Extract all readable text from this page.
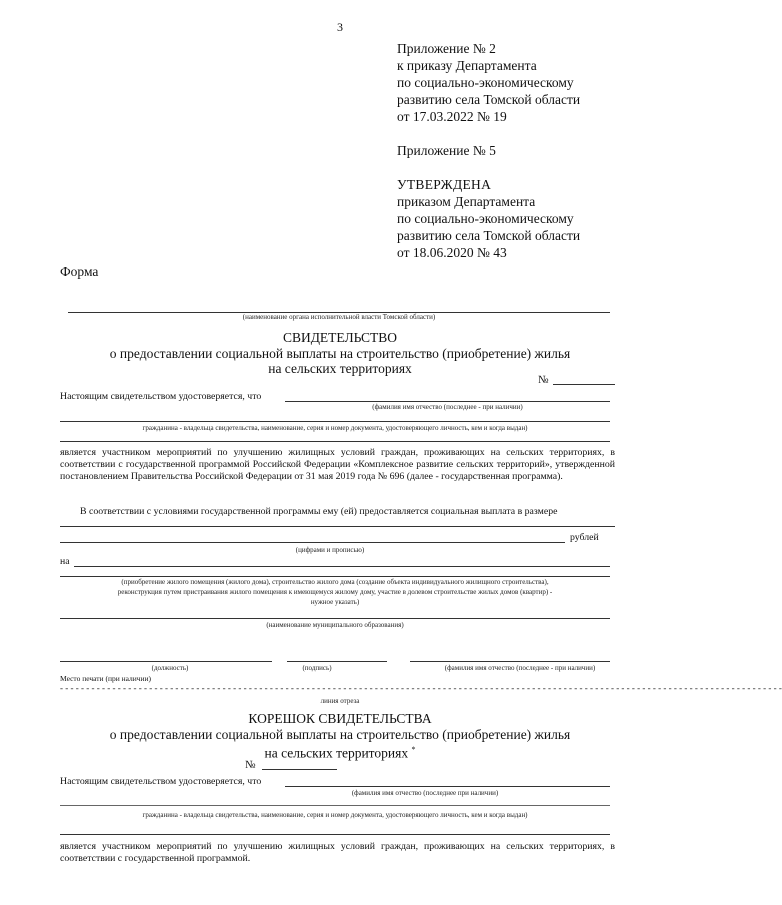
3
Приложение № 2
к приказу Департамента
по социально-экономическому
развитию села Томской области
от 17.03.2022 № 19
Приложение № 5
УТВЕРЖДЕНА
приказом Департамента
по социально-экономическому
развитию села Томской области
от 18.06.2020 № 43
Форма
(наименование органа исполнительной власти Томской области)
СВИДЕТЕЛЬСТВО
о предоставлении социальной выплаты на строительство (приобретение) жилья
на сельских территориях
№
Настоящим свидетельством удостоверяется, что
(фамилия имя отчество (последнее - при наличии)
гражданина - владельца свидетельства, наименование, серия и номер документа, удостоверяющего личность, кем и когда выдан)
является участником мероприятий по улучшению жилищных условий граждан, проживающих на сельских территориях, в соответствии с государственной программой Российской Федерации «Комплексное развитие сельских территорий», утвержденной постановлением Правительства Российской Федерации от 31 мая 2019 года № 696 (далее - государственная программа).
В соответствии с условиями государственной программы ему (ей) предоставляется социальная выплата в размере
рублей
(цифрами и прописью)
на
(приобретение жилого помещения (жилого дома), строительство жилого дома (создание объекта индивидуального жилищного строительства),
реконструкция путем пристраивания жилого помещения к имеющемуся жилому дому, участие в долевом строительстве жилых домов (квартир) -
нужное указать)
(наименование муниципального образования)
(должность)	(подпись)	(фамилия имя отчество (последнее - при наличии)
Место печати (при наличии)
- - - - - - - - - - - - - - - - - - - - - - - - - - - - - - - - - - - - - - - - - - - - - - - - - - - - - - - - - - - - - - - - - - - - - - - - - - - - - - - - - - - - - - - - - - - - - - - - - - - - - - - - - - - - - - - - - - - - - - - - - - - - - - - - - - - - - - - - - -
линия отреза
КОРЕШОК СВИДЕТЕЛЬСТВА
о предоставлении социальной выплаты на строительство (приобретение) жилья
на сельских территориях *
№
Настоящим свидетельством удостоверяется, что
(фамилия имя отчество (последнее при наличии)
гражданина - владельца свидетельства, наименование, серия и номер документа, удостоверяющего личность, кем и когда выдан)
является участником мероприятий по улучшению жилищных условий граждан, проживающих на сельских территориях, в соответствии с государственной программой.
